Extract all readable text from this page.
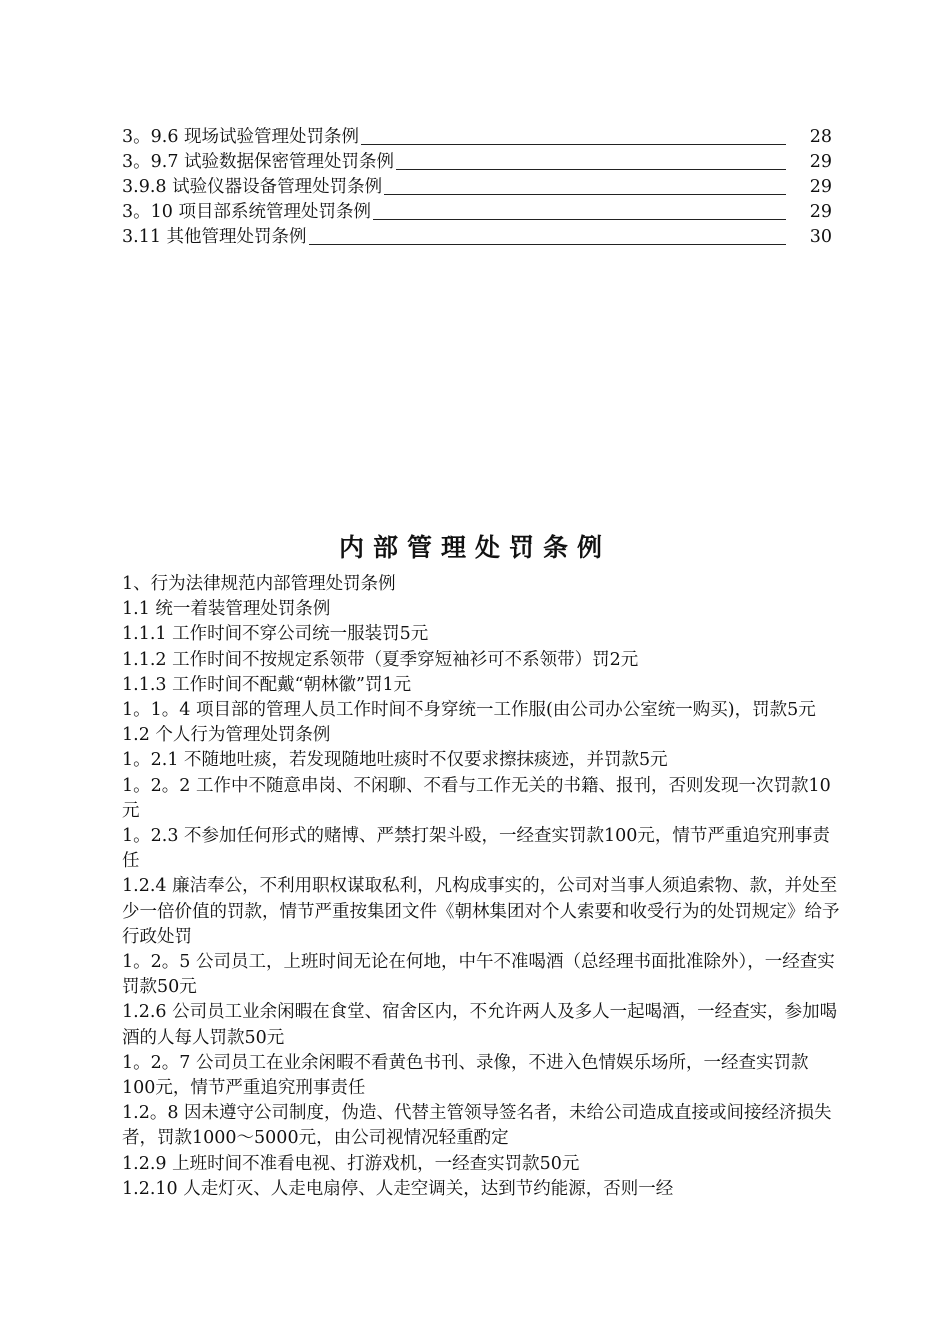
3。9.6 现场试验管理处罚条例	28
3。9.7 试验数据保密管理处罚条例	29
3.9.8 试验仪器设备管理处罚条例	29
3。10 项目部系统管理处罚条例	29
3.11 其他管理处罚条例	30
内部管理处罚条例

1、行为法律规范内部管理处罚条例

1.1 统一着装管理处罚条例

1.1.1 工作时间不穿公司统一服装罚5元

1.1.2 工作时间不按规定系领带（夏季穿短袖衫可不系领带）罚2元

1.1.3 工作时间不配戴“朝林徽”罚1元

1。1。4 项目部的管理人员工作时间不身穿统一工作服(由公司办公室统一购买)，罚款5元

1.2 个人行为管理处罚条例

1。2.1 不随地吐痰，若发现随地吐痰时不仅要求擦抹痰迹，并罚款5元

1。2。2 工作中不随意串岗、不闲聊、不看与工作无关的书籍、报刊，否则发现一次罚款10元

1。2.3 不参加任何形式的赌博、严禁打架斗殴，一经查实罚款100元，情节严重追究刑事责任

1.2.4 廉洁奉公，不利用职权谋取私利，凡构成事实的，公司对当事人须追索物、款，并处至少一倍价值的罚款，情节严重按集团文件《朝林集团对个人索要和收受行为的处罚规定》给予行政处罚

1。2。5 公司员工，上班时间无论在何地，中午不准喝酒（总经理书面批准除外），一经查实罚款50元

1.2.6 公司员工业余闲暇在食堂、宿舍区内，不允许两人及多人一起喝酒，一经查实，参加喝酒的人每人罚款50元

1。2。7 公司员工在业余闲暇不看黄色书刊、录像，不进入色情娱乐场所，一经查实罚款100元，情节严重追究刑事责任

1.2。8 因未遵守公司制度，伪造、代替主管领导签名者，未给公司造成直接或间接经济损失者，罚款1000～5000元，由公司视情况轻重酌定

1.2.9 上班时间不准看电视、打游戏机，一经查实罚款50元

1.2.10 人走灯灭、人走电扇停、人走空调关，达到节约能源，否则一经
